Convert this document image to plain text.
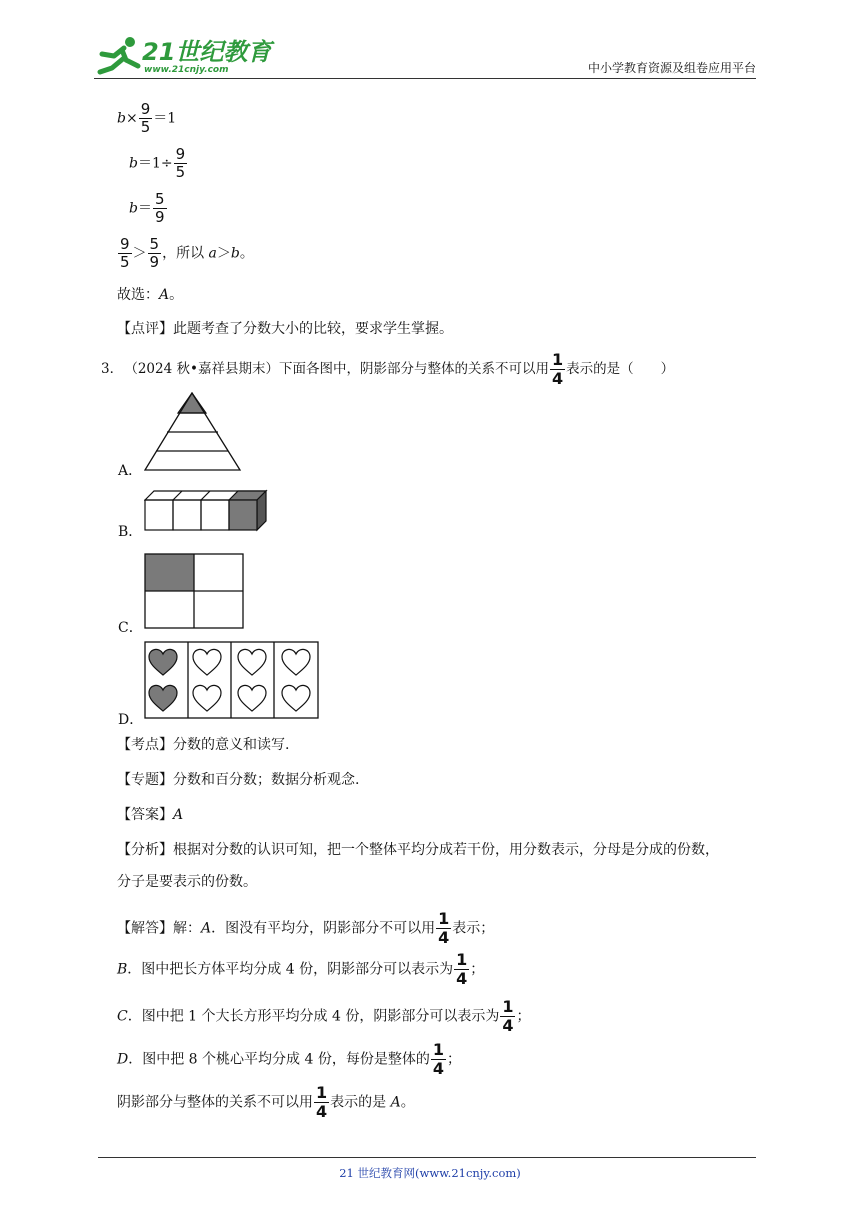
21世纪教育
www.21cnjy.com	中小学教育资源及组卷应用平台
$b\times \frac{9}{5} =1$
$b=1\div \frac{9}{5}$
$b= \frac{5}{9}$
$\frac{9}{5} > \frac{5}{9}$ ，所以 a＞b。
故选：A。
【点评】此题考查了分数大小的比较，要求学生掌握。
3． （2024 秋•嘉祥县期末）下面各图中，阴影部分与整体的关系不可以用 $\frac{1}{4}$ 表示的是（　　）
A．
B．
C．
D．
【考点】分数的意义和读写.
【专题】分数和百分数；数据分析观念.
【答案】A
【分析】根据对分数的认识可知，把一个整体平均分成若干份，用分数表示，分母是分成的份数，
分子是要表示的份数。
【解答】解：A．图没有平均分，阴影部分不可以用 $\frac{1}{4}$ 表示；
B．图中把长方体平均分成 4 份，阴影部分可以表示为 $\frac{1}{4}$ ；
C．图中把 1 个大长方形平均分成 4 份，阴影部分可以表示为 $\frac{1}{4}$ ；
D．图中把 8 个桃心平均分成 4 份，每份是整体的 $\frac{1}{4}$ ；
阴影部分与整体的关系不可以用 $\frac{1}{4}$ 表示的是 A。
21 世纪教育网(www.21cnjy.com)
